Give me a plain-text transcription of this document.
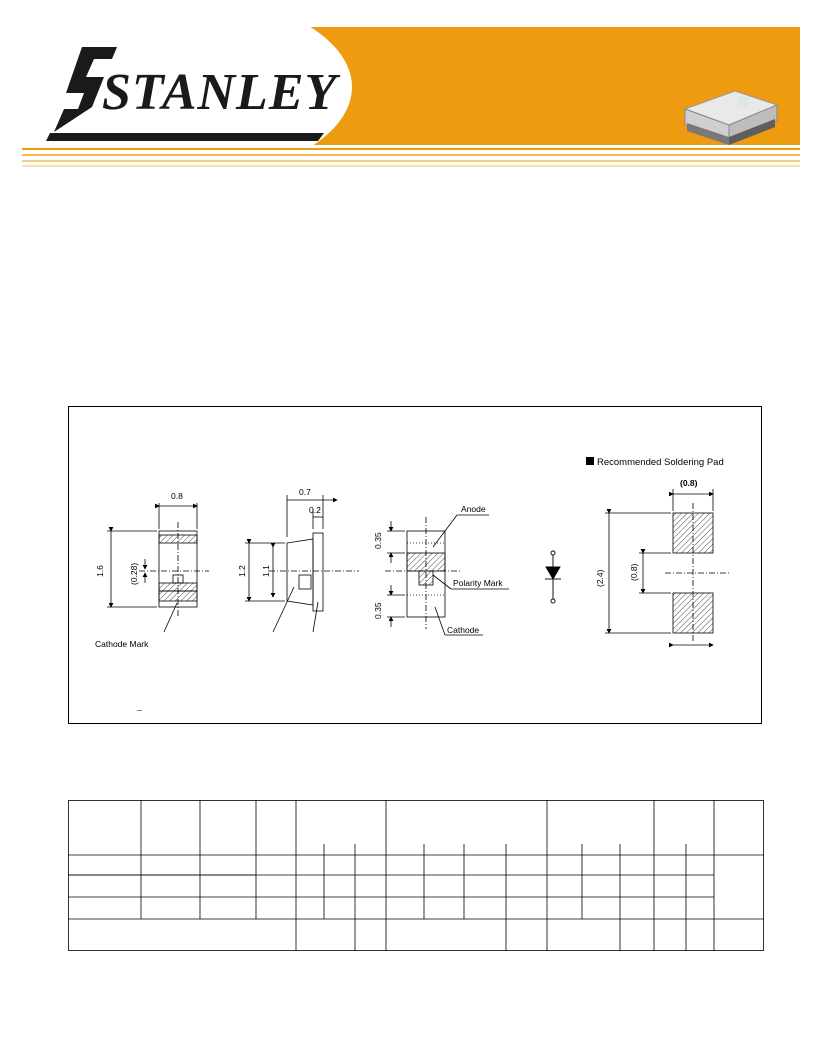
STANLEY
0.8
1.6	(0.28)
Cathode Mark
0.7
0.2
1.2 1.1
0.35
0.35
Anode
Polarity Mark
Cathode
Recommended Soldering Pad
(0.8)
(2.4)	(0.8)
_
